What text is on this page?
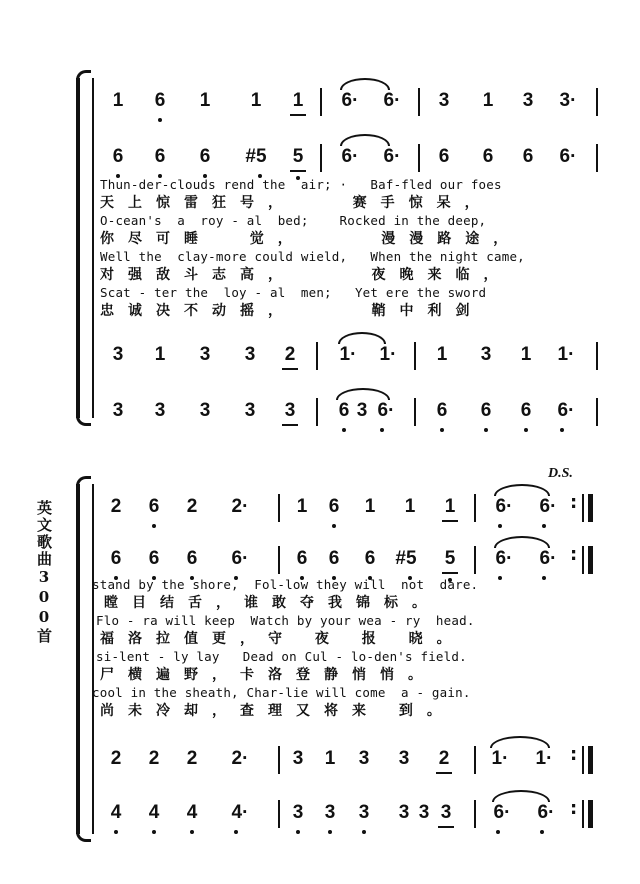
1 6 1 1 1 6· 6· 3 1 3 3·
6 6 6 #5 5 6· 6· 6 6 6 6·
Thun-der-clouds rend the  air; ·   Baf-fled our foes
天上惊雷狂号，   赛手惊呆，
O-cean's  a  roy - al  bed;    Rocked in the deep,
你尽可睡  觉，    漫漫路途，
Well the  clay-more could wield,   When the night came,
对强敌斗志高，    夜晚来临，
Scat - ter the  loy - al  men;   Yet ere the sword
忠诚决不动摇，    鞘中利剑
3 1 3 3 2 1· 1· 1 3 1 1·
3 3 3 3 3 6 3 6· 6 6 6 6·
英文歌曲300首
D.S.
2 6 2 2·	1 6 1 1 1 6· 6· :
6 6 6 6·	6 6 6 #5 5 6· 6· :
stand by the shore,  Fol-low they will  not  dare.
瞠目结舌，谁敢夺我锦标。
Flo - ra will keep  Watch by your wea - ry  head.
福洛拉值更，守 夜 报 晓。
si-lent - ly lay   Dead on Cul - lo-den's field.
尸横遍野，卡洛登静悄悄。
cool in the sheath, Char-lie will come  a - gain.
尚未冷却，查理又将来 到。
2 2 2 2· 3 1 3 3 2 1· 1· :
4 4 4 4· 3 3 3 3 3 3 6· 6· :
